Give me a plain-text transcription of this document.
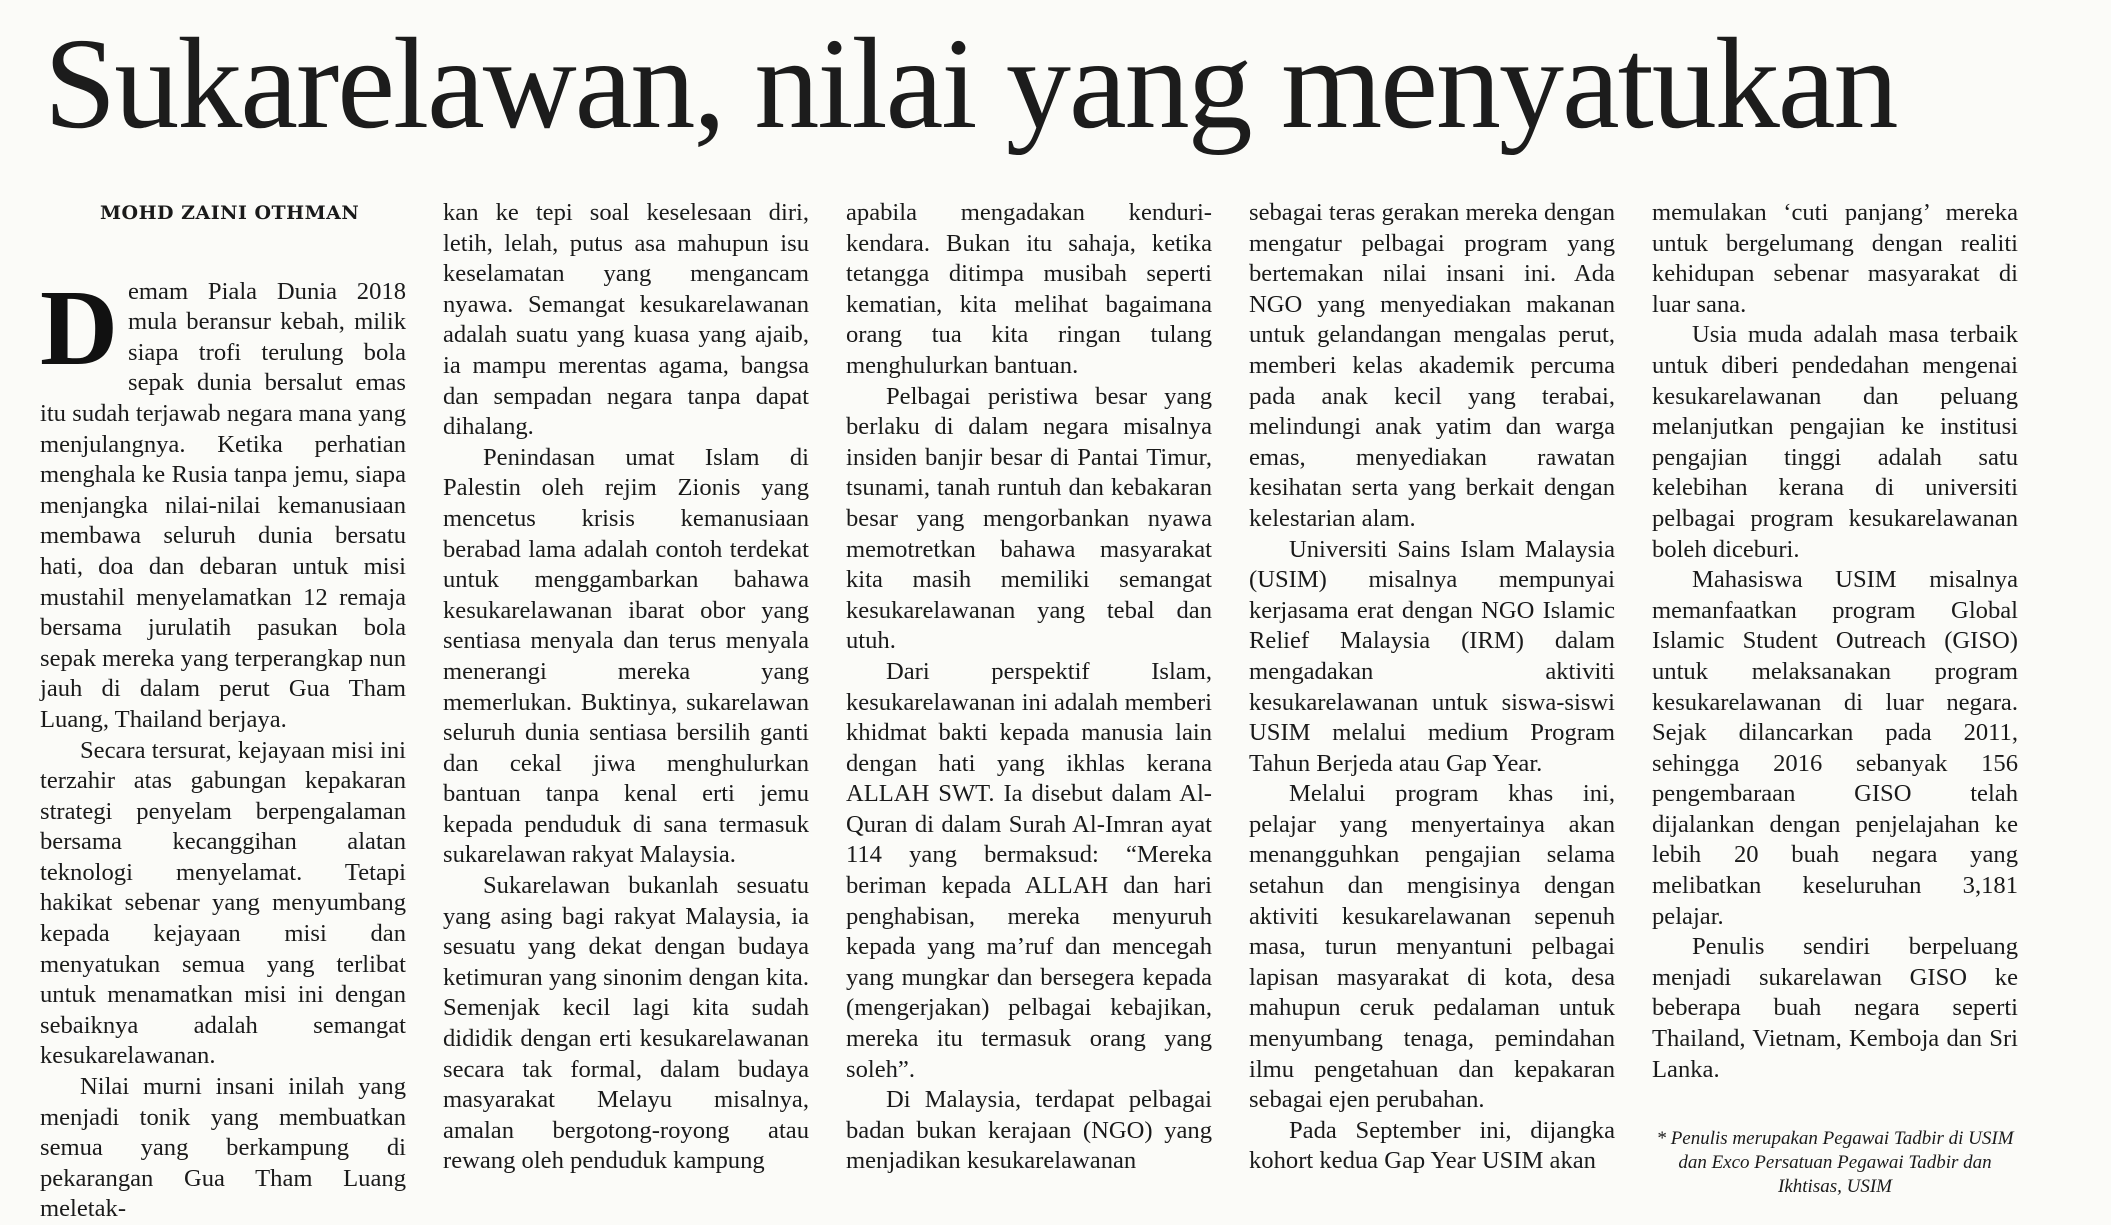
Sukarelawan, nilai yang menyatukan

MOHD ZAINI OTHMAN

Demam Piala Dunia 2018 mula beransur kebah, milik siapa trofi terulung bola sepak dunia bersalut emas itu sudah terjawab negara mana yang menjulangnya. Ketika perhatian menghala ke Rusia tanpa jemu, siapa menjangka nilai-nilai kemanusiaan membawa seluruh dunia bersatu hati, doa dan debaran untuk misi mustahil menyelamatkan 12 remaja bersama jurulatih pasukan bola sepak mereka yang terperangkap nun jauh di dalam perut Gua Tham Luang, Thailand berjaya.

Secara tersurat, kejayaan misi ini terzahir atas gabungan kepakaran strategi penyelam berpengalaman bersama kecanggihan alatan teknologi menyelamat. Tetapi hakikat sebenar yang menyumbang kepada kejayaan misi dan menyatukan semua yang terlibat untuk menamatkan misi ini dengan sebaiknya adalah semangat kesukarelawanan.

Nilai murni insani inilah yang menjadi tonik yang membuatkan semua yang berkampung di pekarangan Gua Tham Luang meletak-

kan ke tepi soal keselesaan diri, letih, lelah, putus asa mahupun isu keselamatan yang mengancam nyawa. Semangat kesukarelawanan adalah suatu yang kuasa yang ajaib, ia mampu merentas agama, bangsa dan sempadan negara tanpa dapat dihalang.

Penindasan umat Islam di Palestin oleh rejim Zionis yang mencetus krisis kemanusiaan berabad lama adalah contoh terdekat untuk menggambarkan bahawa kesukarelawanan ibarat obor yang sentiasa menyala dan terus menyala menerangi mereka yang memerlukan. Buktinya, sukarelawan seluruh dunia sentiasa bersilih ganti dan cekal jiwa menghulurkan bantuan tanpa kenal erti jemu kepada penduduk di sana termasuk sukarelawan rakyat Malaysia.

Sukarelawan bukanlah sesuatu yang asing bagi rakyat Malaysia, ia sesuatu yang dekat dengan budaya ketimuran yang sinonim dengan kita. Semenjak kecil lagi kita sudah dididik dengan erti kesukarelawanan secara tak formal, dalam budaya masyarakat Melayu misalnya, amalan bergotong-royong atau rewang oleh penduduk kampung

apabila mengadakan kenduri-kendara. Bukan itu sahaja, ketika tetangga ditimpa musibah seperti kematian, kita melihat bagaimana orang tua kita ringan tulang menghulurkan bantuan.

Pelbagai peristiwa besar yang berlaku di dalam negara misalnya insiden banjir besar di Pantai Timur, tsunami, tanah runtuh dan kebakaran besar yang mengorbankan nyawa memotretkan bahawa masyarakat kita masih memiliki semangat kesukarelawanan yang tebal dan utuh.

Dari perspektif Islam, kesukarelawanan ini adalah memberi khidmat bakti kepada manusia lain dengan hati yang ikhlas kerana ALLAH SWT. Ia disebut dalam Al-Quran di dalam Surah Al-Imran ayat 114 yang bermaksud: “Mereka beriman kepada ALLAH dan hari penghabisan, mereka menyuruh kepada yang ma’ruf dan mencegah yang mungkar dan bersegera kepada (mengerjakan) pelbagai kebajikan, mereka itu termasuk orang yang soleh”.

Di Malaysia, terdapat pelbagai badan bukan kerajaan (NGO) yang menjadikan kesukarelawanan

sebagai teras gerakan mereka dengan mengatur pelbagai program yang bertemakan nilai insani ini. Ada NGO yang menyediakan makanan untuk gelandangan mengalas perut, memberi kelas akademik percuma pada anak kecil yang terabai, melindungi anak yatim dan warga emas, menyediakan rawatan kesihatan serta yang berkait dengan kelestarian alam.

Universiti Sains Islam Malaysia (USIM) misalnya mempunyai kerjasama erat dengan NGO Islamic Relief Malaysia (IRM) dalam mengadakan aktiviti kesukarelawanan untuk siswa-siswi USIM melalui medium Program Tahun Berjeda atau Gap Year.

Melalui program khas ini, pelajar yang menyertainya akan menangguhkan pengajian selama setahun dan mengisinya dengan aktiviti kesukarelawanan sepenuh masa, turun menyantuni pelbagai lapisan masyarakat di kota, desa mahupun ceruk pedalaman untuk menyumbang tenaga, pemindahan ilmu pengetahuan dan kepakaran sebagai ejen perubahan.

Pada September ini, dijangka kohort kedua Gap Year USIM akan

memulakan ‘cuti panjang’ mereka untuk bergelumang dengan realiti kehidupan sebenar masyarakat di luar sana.

Usia muda adalah masa terbaik untuk diberi pendedahan mengenai kesukarelawanan dan peluang melanjutkan pengajian ke institusi pengajian tinggi adalah satu kelebihan kerana di universiti pelbagai program kesukarelawanan boleh diceburi.

Mahasiswa USIM misalnya memanfaatkan program Global Islamic Student Outreach (GISO) untuk melaksanakan program kesukarelawanan di luar negara. Sejak dilancarkan pada 2011, sehingga 2016 sebanyak 156 pengembaraan GISO telah dijalankan dengan penjelajahan ke lebih 20 buah negara yang melibatkan keseluruhan 3,181 pelajar.

Penulis sendiri berpeluang menjadi sukarelawan GISO ke beberapa buah negara seperti Thailand, Vietnam, Kemboja dan Sri Lanka.

* Penulis merupakan Pegawai Tadbir di USIM dan Exco Persatuan Pegawai Tadbir dan Ikhtisas, USIM
